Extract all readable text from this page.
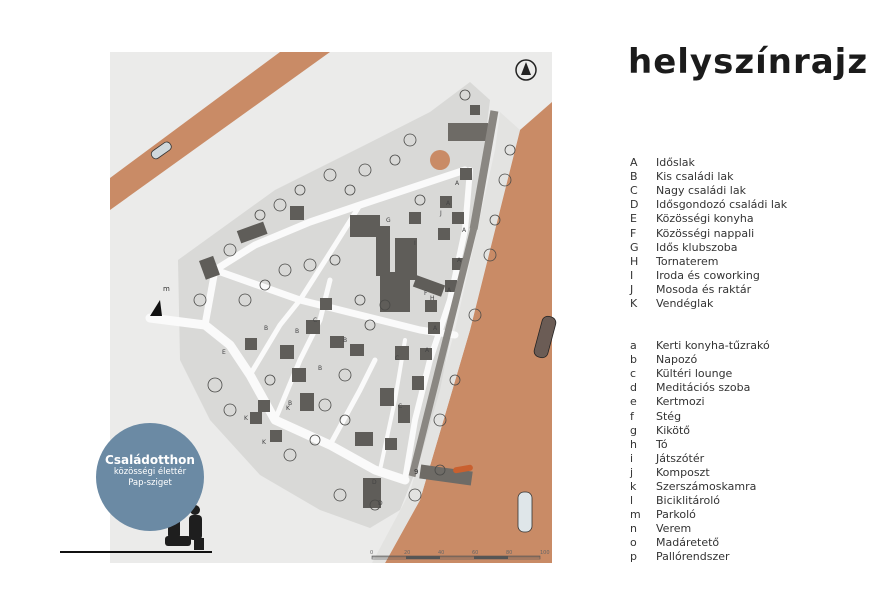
m
9
0	20	40	60	80	100
A
A
A
A
A
A
A
B
B
B
B
B
C
C
C
D
D
E
F
G
H
I
J
K
K
K
helyszínrajz
A	Időslak
B	Kis családi lak
C	Nagy családi lak
D	Idősgondozó családi lak
E	Közösségi konyha
F	Közösségi nappali
G	Idős klubszoba
H	Tornaterem
I	Iroda és coworking
J	Mosoda és raktár
K	Vendéglak
a	Kerti konyha-tűzrakó
b	Napozó
c	Kültéri lounge
d	Meditációs szoba
e	Kertmozi
f	Stég
g	Kikötő
h	Tó
i	Játszótér
j	Komposzt
k	Szerszámoskamra
l	Biciklitároló
m	Parkoló
n	Verem
o	Madáretető
p	Pallórendszer
Családotthon
közösségi élettér
Pap-sziget
